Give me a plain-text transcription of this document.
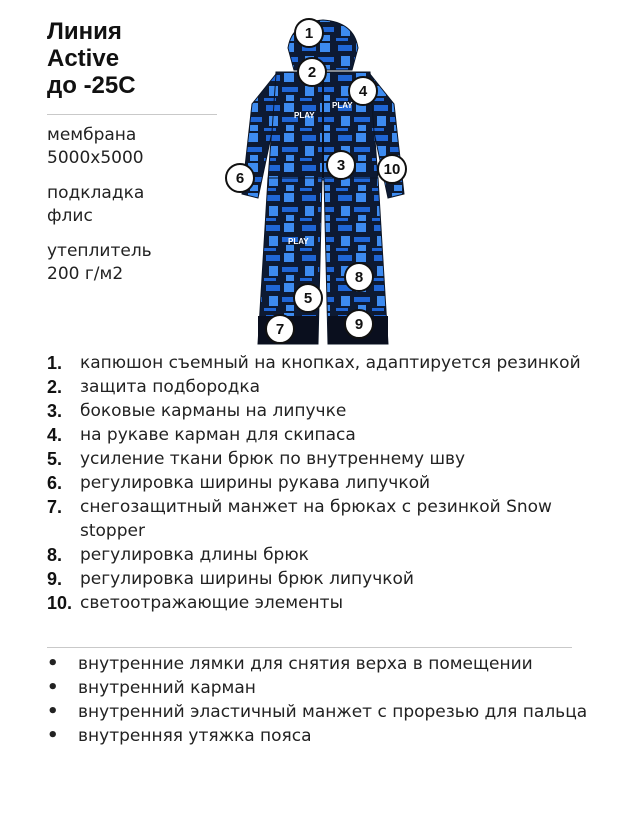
Линия
Active
до -25С
мембрана
5000х5000
подкладка
флис
утеплитель
200 г/м2
PLAY
PLAY
PLAY
1
2
4
3	10
6
8
5
9
7
1.	капюшон съемный на кнопках, адаптируется резинкой
2.	защита подбородка
3.	боковые карманы на липучке
4.	на рукаве карман для скипаса
5.	усиление ткани брюк по внутреннему шву
6.	регулировка ширины рукава липучкой
7.	снегозащитный манжет на брюках с резинкой Snow stopper
8.	регулировка длины брюк
9.	регулировка ширины брюк липучкой
10. светоотражающие элементы
•	внутренние лямки для снятия верха в помещении
•	внутренний карман
•	внутренний эластичный манжет с прорезью для пальца
•	внутренняя утяжка пояса
